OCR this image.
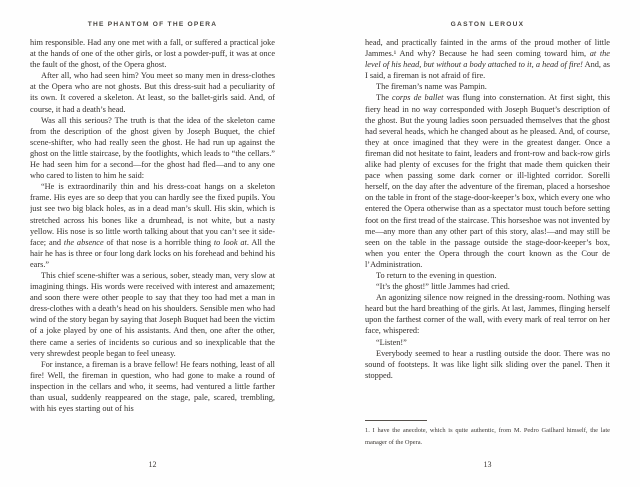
THE PHANTOM OF THE OPERA

him responsible. Had any one met with a fall, or suffered a practical joke at the hands of one of the other girls, or lost a powder-puff, it was at once the fault of the ghost, of the Opera ghost.

After all, who had seen him? You meet so many men in dress-clothes at the Opera who are not ghosts. But this dress-suit had a peculiarity of its own. It covered a skeleton. At least, so the ballet-girls said. And, of course, it had a death’s head.

Was all this serious? The truth is that the idea of the skeleton came from the description of the ghost given by Joseph Buquet, the chief scene-shifter, who had really seen the ghost. He had run up against the ghost on the little staircase, by the footlights, which leads to “the cellars.” He had seen him for a second—for the ghost had fled—and to any one who cared to listen to him he said:

“He is extraordinarily thin and his dress-coat hangs on a skeleton frame. His eyes are so deep that you can hardly see the fixed pupils. You just see two big black holes, as in a dead man’s skull. His skin, which is stretched across his bones like a drumhead, is not white, but a nasty yellow. His nose is so little worth talking about that you can’t see it side-face; and the absence of that nose is a horrible thing to look at. All the hair he has is three or four long dark locks on his forehead and behind his ears.”

This chief scene-shifter was a serious, sober, steady man, very slow at imagining things. His words were received with interest and amazement; and soon there were other people to say that they too had met a man in dress-clothes with a death’s head on his shoulders. Sensible men who had wind of the story began by saying that Joseph Buquet had been the victim of a joke played by one of his assistants. And then, one after the other, there came a series of incidents so curious and so inexplicable that the very shrewdest people began to feel uneasy.

For instance, a fireman is a brave fellow! He fears nothing, least of all fire! Well, the fireman in question, who had gone to make a round of inspection in the cellars and who, it seems, had ventured a little farther than usual, suddenly reappeared on the stage, pale, scared, trembling, with his eyes starting out of his

12
GASTON LEROUX

head, and practically fainted in the arms of the proud mother of little Jammes.¹ And why? Because he had seen coming toward him, at the level of his head, but without a body attached to it, a head of fire! And, as I said, a fireman is not afraid of fire.

The fireman’s name was Pampin.

The corps de ballet was flung into consternation. At first sight, this fiery head in no way corresponded with Joseph Buquet’s description of the ghost. But the young ladies soon persuaded themselves that the ghost had several heads, which he changed about as he pleased. And, of course, they at once imagined that they were in the greatest danger. Once a fireman did not hesitate to faint, leaders and front-row and back-row girls alike had plenty of excuses for the fright that made them quicken their pace when passing some dark corner or ill-lighted corridor. Sorelli herself, on the day after the adventure of the fireman, placed a horseshoe on the table in front of the stage-door-keeper’s box, which every one who entered the Opera otherwise than as a spectator must touch before setting foot on the first tread of the staircase. This horseshoe was not invented by me—any more than any other part of this story, alas!—and may still be seen on the table in the passage outside the stage-door-keeper’s box, when you enter the Opera through the court known as the Cour de l’Administration.

To return to the evening in question.

“It’s the ghost!” little Jammes had cried.

An agonizing silence now reigned in the dressing-room. Nothing was heard but the hard breathing of the girls. At last, Jammes, flinging herself upon the farthest corner of the wall, with every mark of real terror on her face, whispered:

“Listen!”

Everybody seemed to hear a rustling outside the door. There was no sound of footsteps. It was like light silk sliding over the panel. Then it stopped.

1. I have the anecdote, which is quite authentic, from M. Pedro Gailhard himself, the late manager of the Opera.
13
